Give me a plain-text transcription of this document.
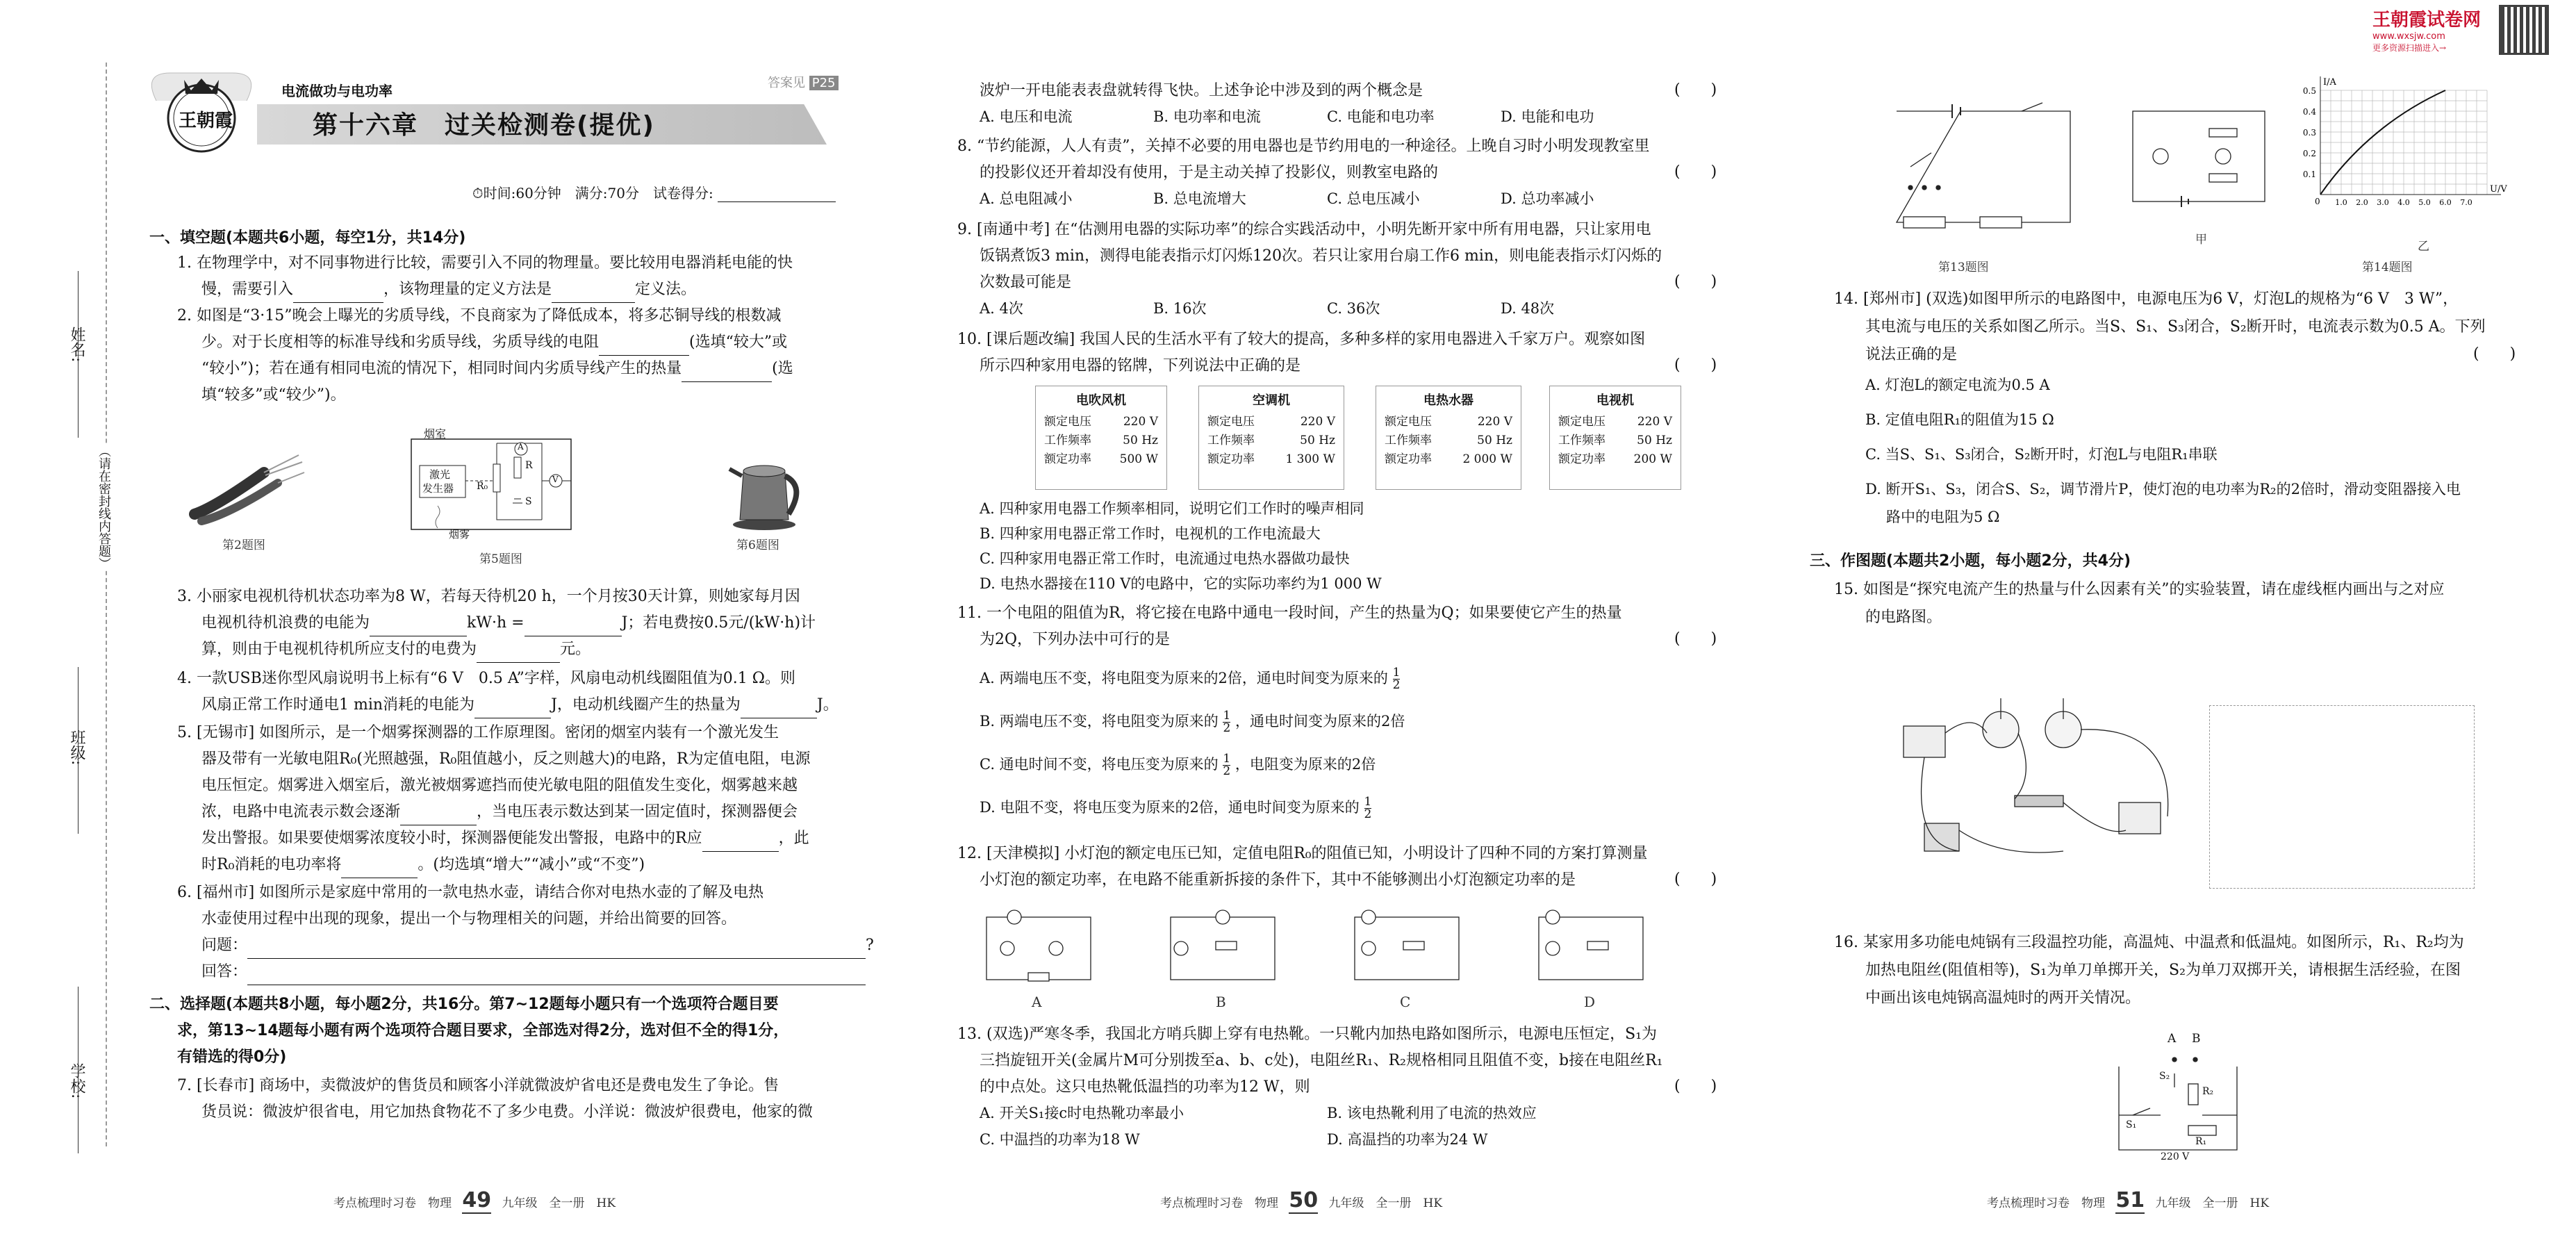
姓名:
班级:
学校:
（请在密封线内答题）
王朝霞
电流做功与电功率	答案见 P25
第十六章　过关检测卷(提优)
⏱时间:60分钟　满分:70分　试卷得分:
一、填空题(本题共6小题，每空1分，共14分)
1. 在物理学中，对不同事物进行比较，需要引入不同的物理量。要比较用电器消耗电能的快
慢，需要引入	，该物理量的定义方法是	定义法。
2. 如图是“3·15”晚会上曝光的劣质导线，不良商家为了降低成本，将多芯铜导线的根数减
少。对于长度相等的标准导线和劣质导线，劣质导线的电阻	(选填“较大”或
“较小”)；若在通有相同电流的情况下，相同时间内劣质导线产生的热量	(选
填“较多”或“较少”)。
第2题图
烟室
激光
发生器 R₀
R
S
A
V
烟雾
第5题图
第6题图
3. 小丽家电视机待机状态功率为8 W，若每天待机20 h，一个月按30天计算，则她家每月因
电视机待机浪费的电能为	kW·h =	J；若电费按0.5元/(kW·h)计
算，则由于电视机待机所应支付的电费为	元。
4. 一款USB迷你型风扇说明书上标有“6 V　0.5 A”字样，风扇电动机线圈阻值为0.1 Ω。则
风扇正常工作时通电1 min消耗的电能为	J，电动机线圈产生的热量为	J。
5. [无锡市] 如图所示，是一个烟雾探测器的工作原理图。密闭的烟室内装有一个激光发生
器及带有一光敏电阻R₀(光照越强，R₀阻值越小，反之则越大)的电路，R为定值电阻，电源
电压恒定。烟雾进入烟室后，激光被烟雾遮挡而使光敏电阻的阻值发生变化，烟雾越来越
浓，电路中电流表示数会逐渐	，当电压表示数达到某一固定值时，探测器便会
发出警报。如果要使烟雾浓度较小时，探测器便能发出警报，电路中的R应	，此
时R₀消耗的电功率将	。(均选填“增大”“减小”或“不变”)
6. [福州市] 如图所示是家庭中常用的一款电热水壶，请结合你对电热水壶的了解及电热
水壶使用过程中出现的现象，提出一个与物理相关的问题，并给出简要的回答。
问题：	?
回答：
二、选择题(本题共8小题，每小题2分，共16分。第7~12题每小题只有一个选项符合题目要
求，第13~14题每小题有两个选项符合题目要求，全部选对得2分，选对但不全的得1分，
有错选的得0分)
7. [长春市] 商场中，卖微波炉的售货员和顾客小洋就微波炉省电还是费电发生了争论。售
货员说：微波炉很省电，用它加热食物花不了多少电费。小洋说：微波炉很费电，他家的微
考点梳理时习卷　物理 49 九年级　全一册　HK
波炉一开电能表表盘就转得飞快。上述争论中涉及到的两个概念是	(　　)
A. 电压和电流	B. 电功率和电流	C. 电能和电功率	D. 电能和电功
8. “节约能源，人人有责”，关掉不必要的用电器也是节约用电的一种途径。上晚自习时小明发现教室里
的投影仪还开着却没有使用，于是主动关掉了投影仪，则教室电路的	(　　)
A. 总电阻减小	B. 总电流增大	C. 总电压减小	D. 总功率减小
9. [南通中考] 在“估测用电器的实际功率”的综合实践活动中，小明先断开家中所有用电器，只让家用电
饭锅煮饭3 min，测得电能表指示灯闪烁120次。若只让家用台扇工作6 min，则电能表指示灯闪烁的
次数最可能是	(　　)
A. 4次	B. 16次	C. 36次	D. 48次
10. [课后题改编] 我国人民的生活水平有了较大的提高，多种多样的家用电器进入千家万户。观察如图
所示四种家用电器的铭牌，下列说法中正确的是	(　　)
电吹风机
额定电压	220 V
工作频率	50 Hz
额定功率 500 W
空调机
额定电压	220 V
工作频率	50 Hz
额定功率	1 300 W
电热水器
额定电压	220 V
工作频率	50 Hz
额定功率	2 000 W
电视机
额定电压	220 V
工作频率	50 Hz
额定功率 200 W
A. 四种家用电器工作频率相同，说明它们工作时的噪声相同
B. 四种家用电器正常工作时，电视机的工作电流最大
C. 四种家用电器正常工作时，电流通过电热水器做功最快
D. 电热水器接在110 V的电路中，它的实际功率约为1 000 W
11. 一个电阻的阻值为R，将它接在电路中通电一段时间，产生的热量为Q；如果要使它产生的热量
为2Q，下列办法中可行的是	(　　)
A. 两端电压不变，将电阻变为原来的2倍，通电时间变为原来的 $\frac{1}{2}$
B. 两端电压不变，将电阻变为原来的 $\frac{1}{2}$ ，通电时间变为原来的2倍
C. 通电时间不变，将电压变为原来的 $\frac{1}{2}$ ，电阻变为原来的2倍
D. 电阻不变，将电压变为原来的2倍，通电时间变为原来的 $\frac{1}{2}$
12. [天津模拟] 小灯泡的额定电压已知，定值电阻R₀的阻值已知，小明设计了四种不同的方案打算测量
小灯泡的额定功率，在电路不能重新拆接的条件下，其中不能够测出小灯泡额定功率的是	(　　)
A	B	C	D
13. (双选)严寒冬季，我国北方哨兵脚上穿有电热靴。一只靴内加热电路如图所示，电源电压恒定，S₁为
三挡旋钮开关(金属片M可分别拨至a、b、c处)，电阻丝R₁、R₂规格相同且阻值不变，b接在电阻丝R₁
的中点处。这只电热靴低温挡的功率为12 W，则	(　　)
A. 开关S₁接c时电热靴功率最小	B. 该电热靴利用了电流的热效应
C. 中温挡的功率为18 W	D. 高温挡的功率为24 W
考点梳理时习卷　物理 50 九年级　全一册　HK
王朝霞试卷网
www.wxsjw.com
更多资源扫描进入→
第13题图
甲
0.5
0.4
0.3
0.2
0.1
1.0 2.0 3.0 4.0 5.0 6.0 7.0
0
I/A
U/V
乙
第14题图
14. [郑州市] (双选)如图甲所示的电路图中，电源电压为6 V，灯泡L的规格为“6 V　3 W”，
其电流与电压的关系如图乙所示。当S、S₁、S₃闭合，S₂断开时，电流表示数为0.5 A。下列
说法正确的是	(　　)
A. 灯泡L的额定电流为0.5 A
B. 定值电阻R₁的阻值为15 Ω
C. 当S、S₁、S₃闭合，S₂断开时，灯泡L与电阻R₁串联
D. 断开S₁、S₃，闭合S、S₂，调节滑片P，使灯泡的电功率为R₂的2倍时，滑动变阻器接入电
路中的电阻为5 Ω
三、作图题(本题共2小题，每小题2分，共4分)
15. 如图是“探究电流产生的热量与什么因素有关”的实验装置，请在虚线框内画出与之对应
的电路图。
16. 某家用多功能电炖锅有三段温控功能，高温炖、中温煮和低温炖。如图所示，R₁、R₂均为
加热电阻丝(阻值相等)，S₁为单刀单掷开关，S₂为单刀双掷开关，请根据生活经验，在图
中画出该电炖锅高温炖时的两开关情况。
A B
S₂
R₂
S₁
R₁
220 V
考点梳理时习卷　物理 51 九年级　全一册　HK
